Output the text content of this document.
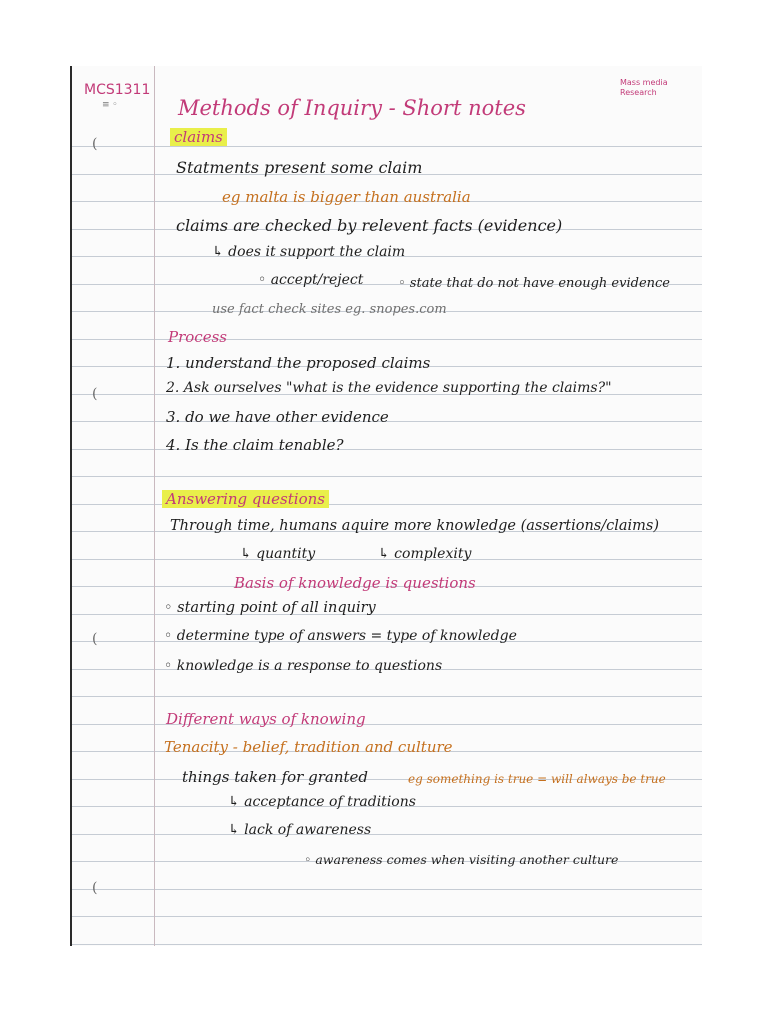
(
(
(
(
MCS1311
≡ ◦
Mass media Research

Methods of Inquiry - Short notes

claims

Statments present some claim

eg malta is bigger than australia

claims are checked by relevent facts (evidence)

↳ does it support the claim

◦ accept/reject	◦ state that do not have enough evidence

use fact check sites eg. snopes.com

Process

1. understand the proposed claims

2. Ask ourselves "what is the evidence supporting the claims?"

3. do we have other evidence

4. Is the claim tenable?

Answering questions

Through time, humans aquire more knowledge (assertions/claims)

↳ quantity	↳ complexity

Basis of knowledge is questions

◦ starting point of all inquiry

◦ determine type of answers = type of knowledge

◦ knowledge is a response to questions

Different ways of knowing

Tenacity - belief, tradition and culture

things taken for granted	eg something is true = will always be true

↳ acceptance of traditions

↳ lack of awareness

◦ awareness comes when visiting another culture
